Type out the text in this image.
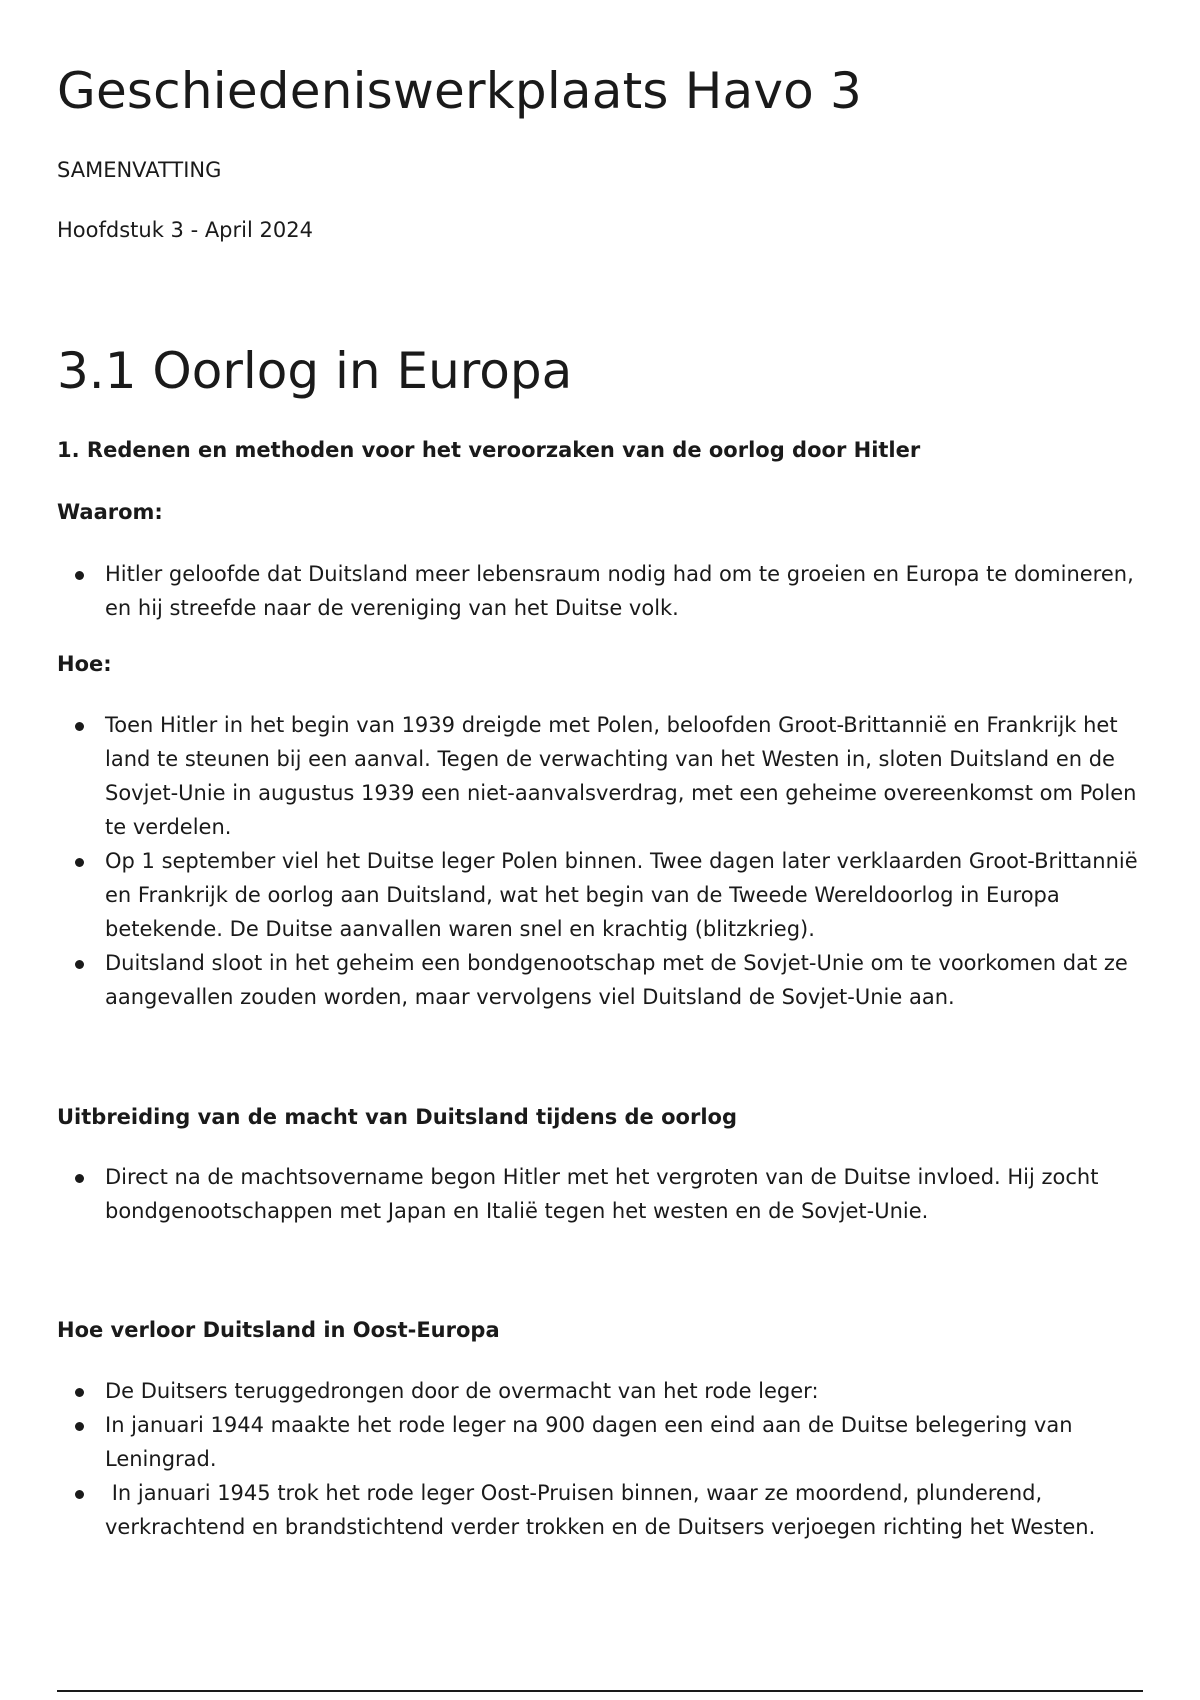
Geschiedeniswerkplaats Havo 3

SAMENVATTING

Hoofdstuk 3 - April 2024

3.1 Oorlog in Europa
1. Redenen en methoden voor het veroorzaken van de oorlog door Hitler
Waarom:
Hitler geloofde dat Duitsland meer lebensraum nodig had om te groeien en Europa te domineren, en hij streefde naar de vereniging van het Duitse volk.
Hoe:
Toen Hitler in het begin van 1939 dreigde met Polen, beloofden Groot-Brittannië en Frankrijk het land te steunen bij een aanval. Tegen de verwachting van het Westen in, sloten Duitsland en de Sovjet-Unie in augustus 1939 een niet-aanvalsverdrag, met een geheime overeenkomst om Polen te verdelen.
Op 1 september viel het Duitse leger Polen binnen. Twee dagen later verklaarden Groot-Brittannië en Frankrijk de oorlog aan Duitsland, wat het begin van de Tweede Wereldoorlog in Europa betekende. De Duitse aanvallen waren snel en krachtig (blitzkrieg).
Duitsland sloot in het geheim een bondgenootschap met de Sovjet-Unie om te voorkomen dat ze aangevallen zouden worden, maar vervolgens viel Duitsland de Sovjet-Unie aan.
Uitbreiding van de macht van Duitsland tijdens de oorlog
Direct na de machtsovername begon Hitler met het vergroten van de Duitse invloed. Hij zocht bondgenootschappen met Japan en Italië tegen het westen en de Sovjet-Unie.
Hoe verloor Duitsland in Oost-Europa
De Duitsers teruggedrongen door de overmacht van het rode leger:
In januari 1944 maakte het rode leger na 900 dagen een eind aan de Duitse belegering van Leningrad.
In januari 1945 trok het rode leger Oost-Pruisen binnen, waar ze moordend, plunderend, verkrachtend en brandstichtend verder trokken en de Duitsers verjoegen richting het Westen.
